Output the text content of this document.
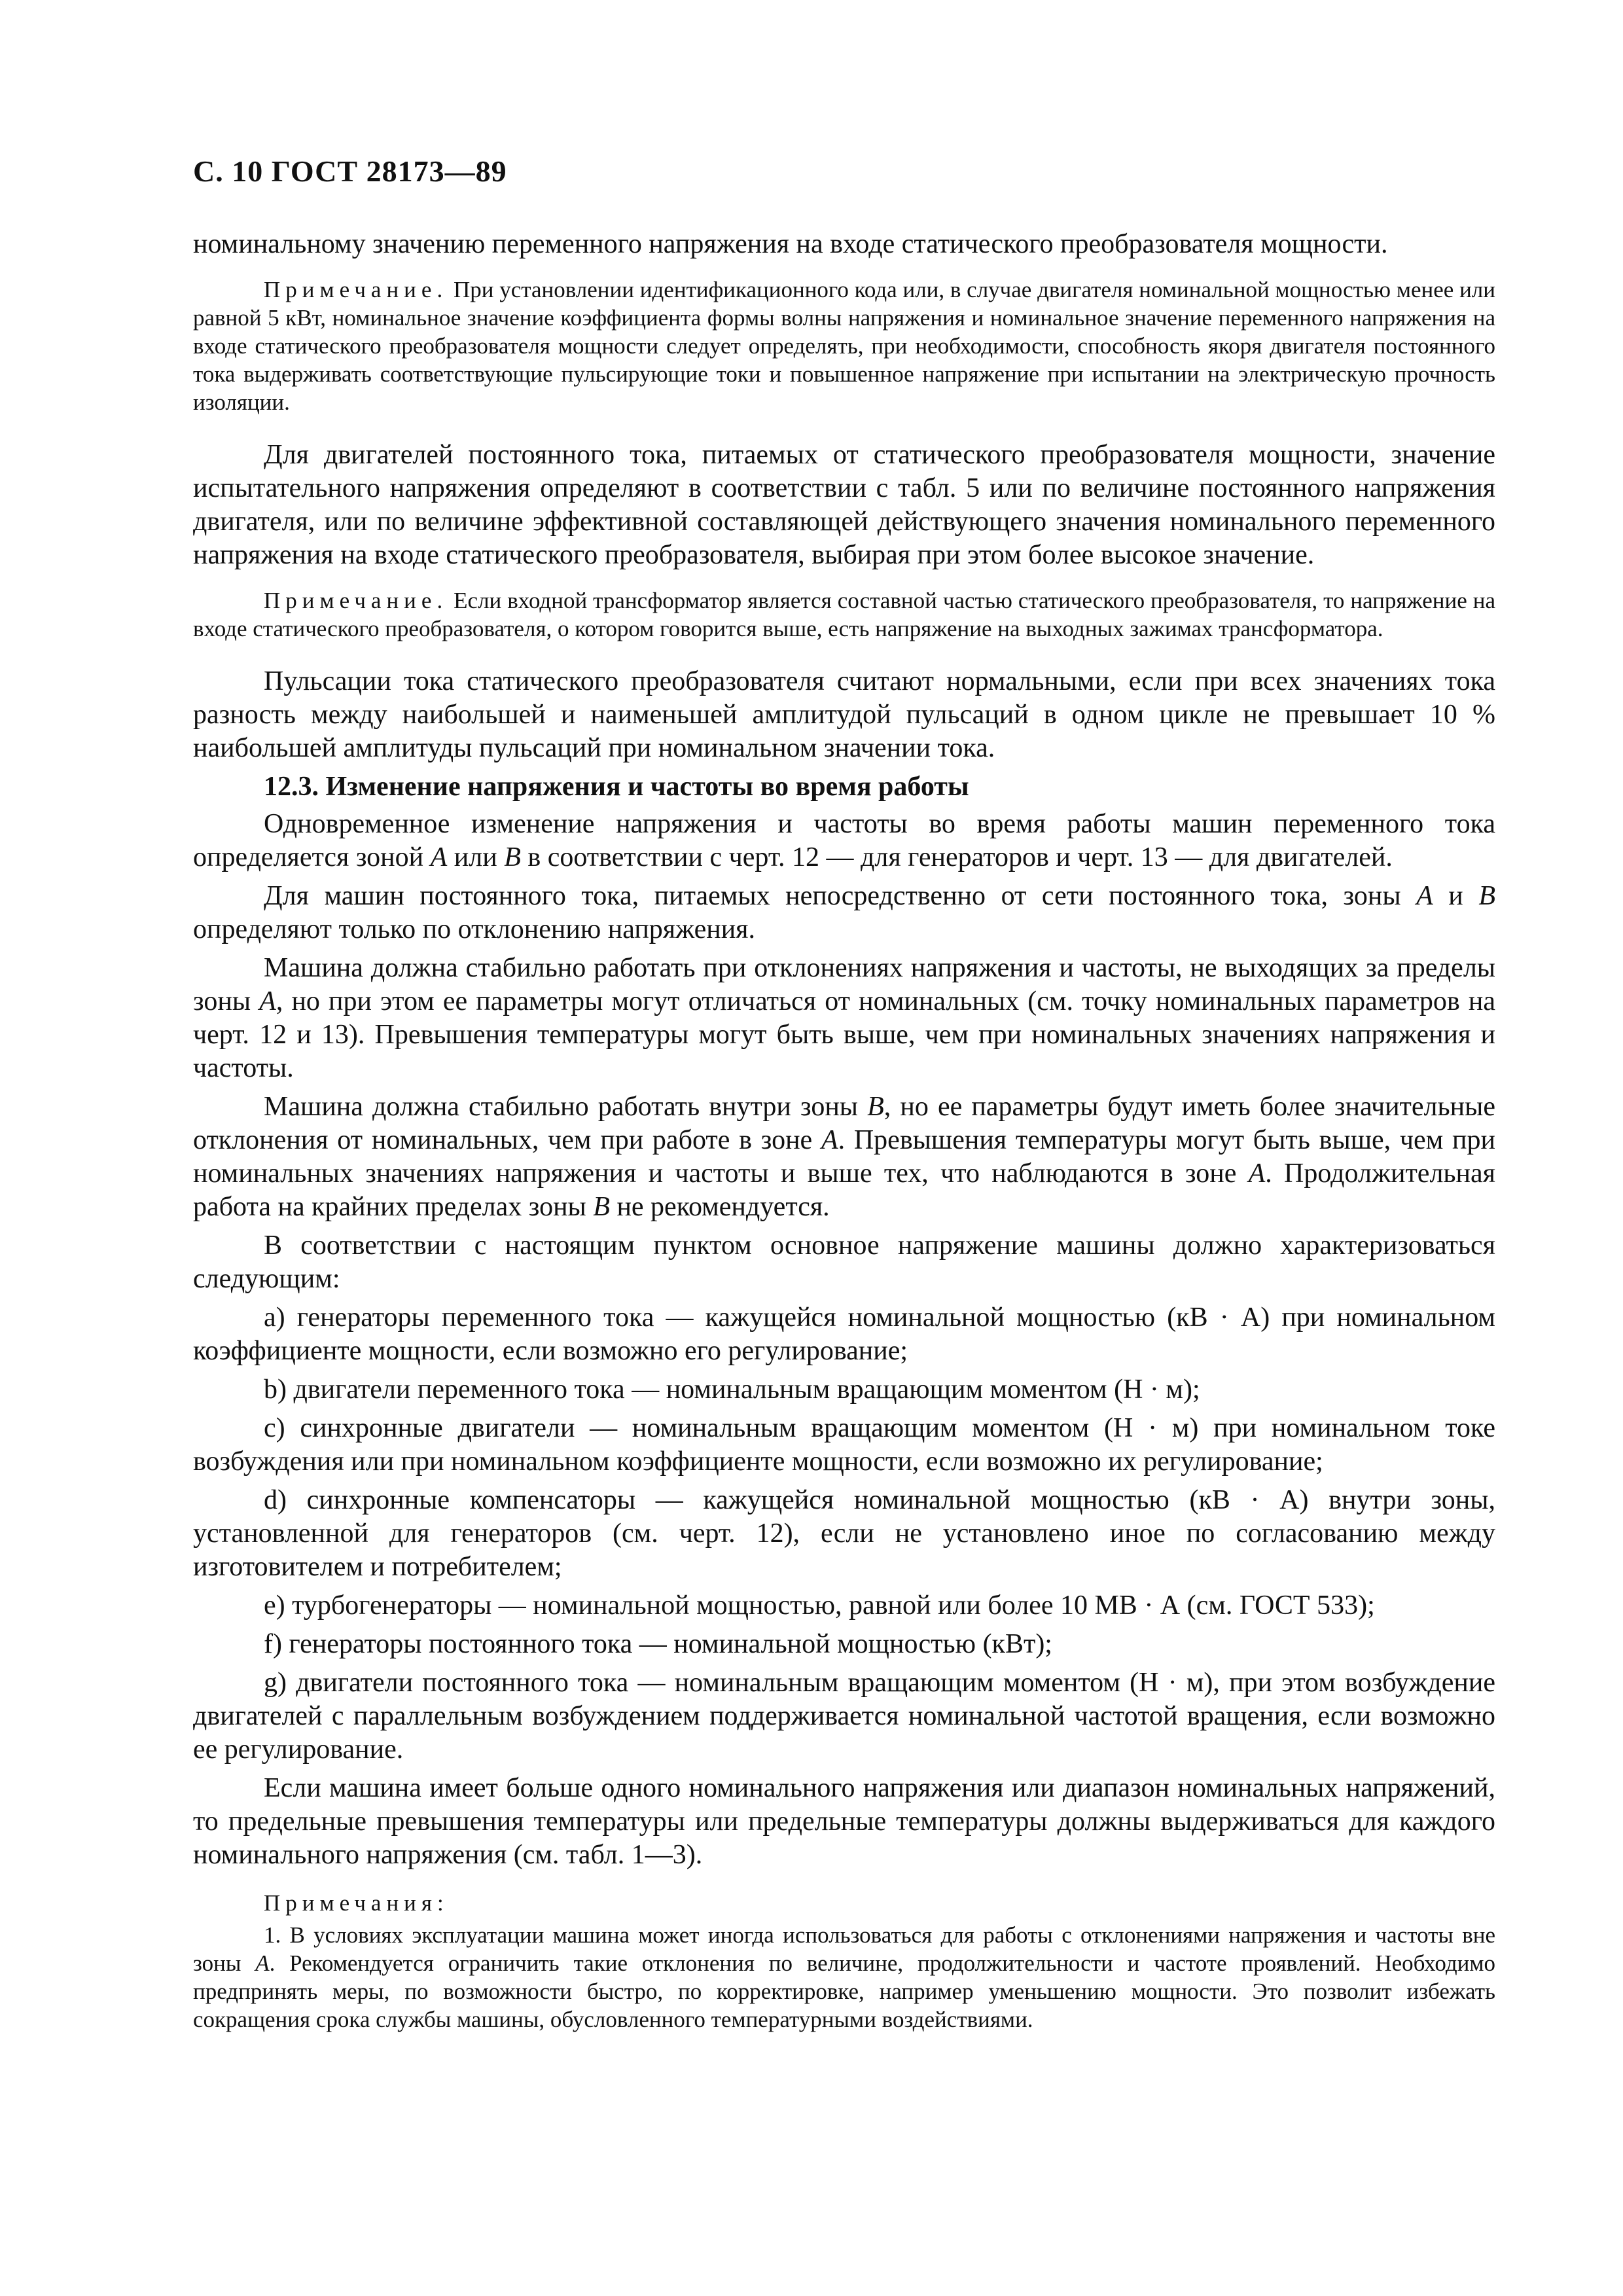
С. 10 ГОСТ 28173—89

номинальному значению переменного напряжения на входе статического преобразователя мощности.

Примечание. При установлении идентификационного кода или, в случае двигателя номинальной мощностью менее или равной 5 кВт, номинальное значение коэффициента формы волны напряжения и номинальное значение переменного напряжения на входе статического преобразователя мощности следует определять, при необходимости, способность якоря двигателя постоянного тока выдерживать соответствующие пульсирующие токи и повышенное напряжение при испытании на электрическую прочность изоляции.

Для двигателей постоянного тока, питаемых от статического преобразователя мощности, значение испытательного напряжения определяют в соответствии с табл. 5 или по величине постоянного напряжения двигателя, или по величине эффективной составляющей действующего значения номинального переменного напряжения на входе статического преобразователя, выбирая при этом более высокое значение.

Примечание. Если входной трансформатор является составной частью статического преобразователя, то напряжение на входе статического преобразователя, о котором говорится выше, есть напряжение на выходных зажимах трансформатора.

Пульсации тока статического преобразователя считают нормальными, если при всех значениях тока разность между наибольшей и наименьшей амплитудой пульсаций в одном цикле не превышает 10 % наибольшей амплитуды пульсаций при номинальном значении тока.

12.3. Изменение напряжения и частоты во время работы

Одновременное изменение напряжения и частоты во время работы машин переменного тока определяется зоной А или В в соответствии с черт. 12 — для генераторов и черт. 13 — для двигателей.

Для машин постоянного тока, питаемых непосредственно от сети постоянного тока, зоны А и В определяют только по отклонению напряжения.

Машина должна стабильно работать при отклонениях напряжения и частоты, не выходящих за пределы зоны А, но при этом ее параметры могут отличаться от номинальных (см. точку номинальных параметров на черт. 12 и 13). Превышения температуры могут быть выше, чем при номинальных значениях напряжения и частоты.

Машина должна стабильно работать внутри зоны В, но ее параметры будут иметь более значительные отклонения от номинальных, чем при работе в зоне А. Превышения температуры могут быть выше, чем при номинальных значениях напряжения и частоты и выше тех, что наблюдаются в зоне А. Продолжительная работа на крайних пределах зоны В не рекомендуется.

В соответствии с настоящим пунктом основное напряжение машины должно характеризоваться следующим:

a) генераторы переменного тока — кажущейся номинальной мощностью (кВ · А) при номинальном коэффициенте мощности, если возможно его регулирование;

b) двигатели переменного тока — номинальным вращающим моментом (Н · м);

c) синхронные двигатели — номинальным вращающим моментом (Н · м) при номинальном токе возбуждения или при номинальном коэффициенте мощности, если возможно их регулирование;

d) синхронные компенсаторы — кажущейся номинальной мощностью (кВ · А) внутри зоны, установленной для генераторов (см. черт. 12), если не установлено иное по согласованию между изготовителем и потребителем;

e) турбогенераторы — номинальной мощностью, равной или более 10 МВ · А (см. ГОСТ 533);

f) генераторы постоянного тока — номинальной мощностью (кВт);

g) двигатели постоянного тока — номинальным вращающим моментом (Н · м), при этом возбуждение двигателей с параллельным возбуждением поддерживается номинальной частотой вращения, если возможно ее регулирование.

Если машина имеет больше одного номинального напряжения или диапазон номинальных напряжений, то предельные превышения температуры или предельные температуры должны выдерживаться для каждого номинального напряжения (см. табл. 1—3).

Примечания:

1. В условиях эксплуатации машина может иногда использоваться для работы с отклонениями напряжения и частоты вне зоны А. Рекомендуется ограничить такие отклонения по величине, продолжительности и частоте проявлений. Необходимо предпринять меры, по возможности быстро, по корректировке, например уменьшению мощности. Это позволит избежать сокращения срока службы машины, обусловленного температурными воздействиями.
